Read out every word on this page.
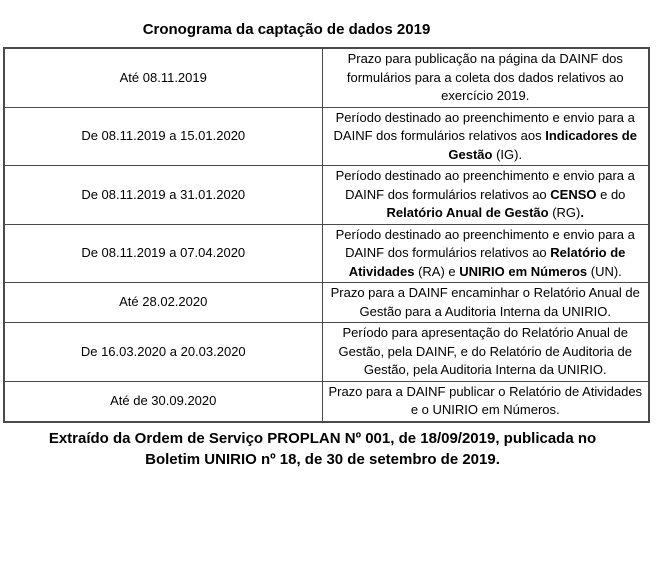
Cronograma da captação de dados 2019
Até 08.11.2019	Prazo para publicação na página da DAINF dos formulários para a coleta dos dados relativos ao exercício 2019.
De 08.11.2019 a 15.01.2020	Período destinado ao preenchimento e envio para a DAINF dos formulários relativos aos Indicadores de Gestão (IG).
De 08.11.2019 a 31.01.2020	Período destinado ao preenchimento e envio para a DAINF dos formulários relativos ao CENSO e do Relatório Anual de Gestão (RG).
De 08.11.2019 a 07.04.2020	Período destinado ao preenchimento e envio para a DAINF dos formulários relativos ao Relatório de Atividades (RA) e UNIRIO em Números (UN).
Até 28.02.2020	Prazo para a DAINF encaminhar o Relatório Anual de Gestão para a Auditoria Interna da UNIRIO.
De 16.03.2020 a 20.03.2020	Período para apresentação do Relatório Anual de Gestão, pela DAINF, e do Relatório de Auditoria de Gestão, pela Auditoria Interna da UNIRIO.
Até de 30.09.2020	Prazo para a DAINF publicar o Relatório de Atividades e o UNIRIO em Números.

Extraído da Ordem de Serviço PROPLAN Nº 001, de 18/09/2019, publicada no
Boletim UNIRIO nº 18, de 30 de setembro de 2019.
